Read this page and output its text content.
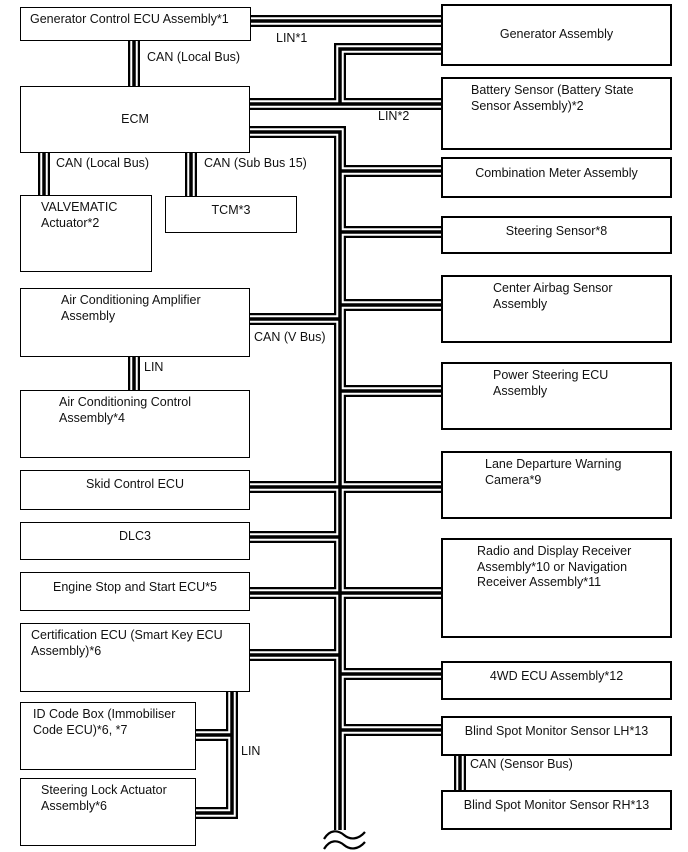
Generator Control ECU Assembly*1
ECM
VALVEMATIC
Actuator*2
TCM*3
Air Conditioning Amplifier
Assembly
Air Conditioning Control
Assembly*4
Skid Control ECU
DLC3
Engine Stop and Start ECU*5
Certification ECU (Smart Key ECU
Assembly)*6
ID Code Box (Immobiliser
Code ECU)*6, *7
Steering Lock Actuator
Assembly*6
Generator Assembly
Battery Sensor (Battery State
Sensor Assembly)*2
Combination Meter Assembly
Steering Sensor*8
Center Airbag Sensor
Assembly
Power Steering ECU
Assembly
Lane Departure Warning
Camera*9
Radio and Display Receiver
Assembly*10 or Navigation
Receiver Assembly*11
4WD ECU Assembly*12
Blind Spot Monitor Sensor LH*13
Blind Spot Monitor Sensor RH*13
LIN*1
CAN (Local Bus)
LIN*2
CAN (Local Bus)	CAN (Sub Bus 15)
CAN (V Bus)
LIN
LIN
CAN (Sensor Bus)
